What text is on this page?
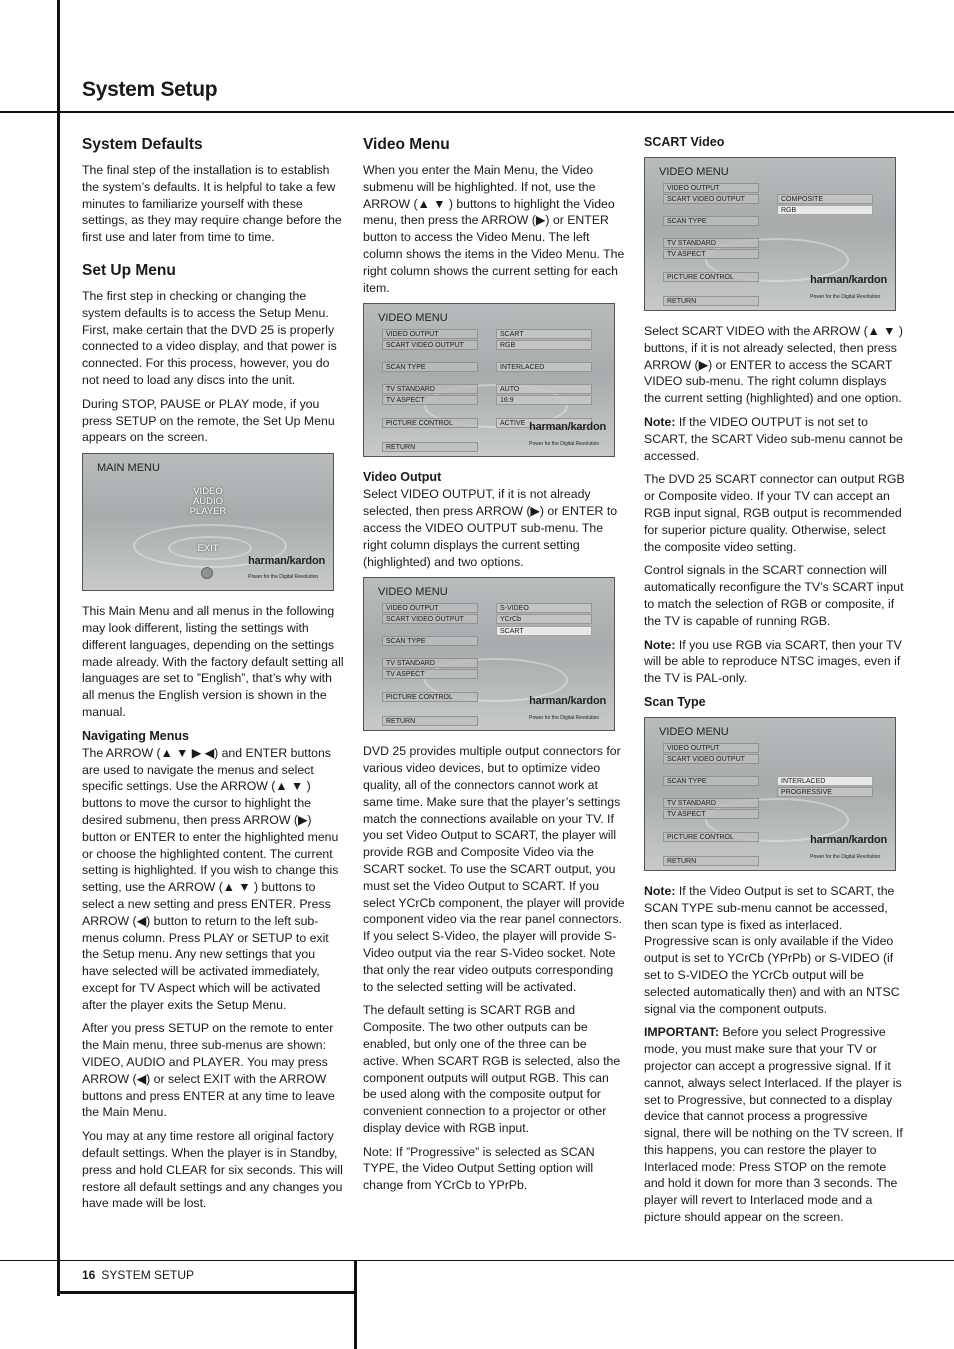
System Setup
System Defaults

The final step of the installation is to establish the system’s defaults. It is helpful to take a few minutes to familiarize yourself with these settings, as they may require change before the first use and later from time to time.

Set Up Menu

The first step in checking or changing the system defaults is to access the Setup Menu. First, make certain that the DVD 25 is properly connected to a video display, and that power is connected. For this process, however, you do not need to load any discs into the unit.

During STOP, PAUSE or PLAY mode, if you press SETUP on the remote, the Set Up Menu appears on the screen.

MAIN MENU
VIDEO
AUDIO
PLAYER
EXIT
harman/kardon
Power for the Digital Revolution

This Main Menu and all menus in the following may look different, listing the settings with different languages, depending on the settings made already. With the factory default setting all languages are set to ”English”, that’s why with all menus the English version is shown in the manual.

Navigating Menus

The ARROW (▲ ▼ ▶ ◀) and ENTER buttons are used to navigate the menus and select specific settings. Use the ARROW (▲ ▼ ) buttons to move the cursor to highlight the desired submenu, then press ARROW (▶) button or ENTER to enter the highlighted menu or choose the highlighted content. The current setting is highlighted. If you wish to change this setting, use the ARROW (▲ ▼ ) buttons to select a new setting and press ENTER. Press ARROW (◀) button to return to the left sub-menus column. Press PLAY or SETUP to exit the Setup menu. Any new settings that you have selected will be activated immediately, except for TV Aspect which will be activated after the player exits the Setup Menu.

After you press SETUP on the remote to enter the Main menu, three sub-menus are shown: VIDEO, AUDIO and PLAYER. You may press ARROW (◀) or select EXIT with the ARROW buttons and press ENTER at any time to leave the Main Menu.

You may at any time restore all original factory default settings. When the player is in Standby, press and hold CLEAR for six seconds. This will restore all default settings and any changes you have made will be lost.

Video Menu

When you enter the Main Menu, the Video submenu will be highlighted. If not, use the ARROW (▲ ▼ ) buttons to highlight the Video menu, then press the ARROW (▶) or ENTER button to access the Video Menu. The left column shows the items in the Video Menu. The right column shows the current setting for each item.

VIDEO MENU
VIDEO OUTPUT
SCART VIDEO OUTPUT
SCAN TYPE
TV STANDARD
TV ASPECT
PICTURE CONTROL
RETURN
SCART
RGB
INTERLACED
AUTO
16:9
ACTIVE harman/kardon
Power for the Digital Revolution
Video Output

Select VIDEO OUTPUT, if it is not already selected, then press ARROW (▶) or ENTER to access the VIDEO OUTPUT sub-menu. The right column displays the current setting (highlighted) and two options.

VIDEO MENU
VIDEO OUTPUT
SCART VIDEO OUTPUT
SCAN TYPE
TV STANDARD
TV ASPECT
PICTURE CONTROL
RETURN
S-VIDEO
YCrCb
SCART
harman/kardon
Power for the Digital Revolution

DVD 25 provides multiple output connectors for various video devices, but to optimize video quality, all of the connectors cannot work at same time. Make sure that the player’s settings match the connections available on your TV. If you set Video Output to SCART, the player will provide RGB and Composite Video via the SCART socket. To use the SCART output, you must set the Video Output to SCART. If you select YCrCb component, the player will provide component video via the rear panel connectors. If you select S-Video, the player will provide S-Video output via the rear S-Video socket. Note that only the rear video outputs corresponding to the selected setting will be activated.

The default setting is SCART RGB and Composite. The two other outputs can be enabled, but only one of the three can be active. When SCART RGB is selected, also the component outputs will output RGB. This can be used along with the composite output for convenient connection to a projector or other display device with RGB input.

Note: If ”Progressive” is selected as SCAN TYPE, the Video Output Setting option will change from YCrCb to YPrPb.

SCART Video
VIDEO MENU
VIDEO OUTPUT
SCART VIDEO OUTPUT
SCAN TYPE
TV STANDARD
TV ASPECT
PICTURE CONTROL
RETURN
COMPOSITE
RGB
harman/kardon
Power for the Digital Revolution

Select SCART VIDEO with the ARROW (▲ ▼ ) buttons, if it is not already selected, then press ARROW (▶) or ENTER to access the SCART VIDEO sub-menu. The right column displays the current setting (highlighted) and one option.

Note: If the VIDEO OUTPUT is not set to SCART, the SCART Video sub-menu cannot be accessed.

The DVD 25 SCART connector can output RGB or Composite video. If your TV can accept an RGB input signal, RGB output is recommended for superior picture quality. Otherwise, select the composite video setting.

Control signals in the SCART connection will automatically reconfigure the TV’s SCART input to match the selection of RGB or composite, if the TV is capable of running RGB.

Note: If you use RGB via SCART, then your TV will be able to reproduce NTSC images, even if the TV is PAL-only.

Scan Type
VIDEO MENU
VIDEO OUTPUT
SCART VIDEO OUTPUT
SCAN TYPE
TV STANDARD
TV ASPECT
PICTURE CONTROL
RETURN
INTERLACED
PROGRESSIVE
harman/kardon
Power for the Digital Revolution

Note: If the Video Output is set to SCART, the SCAN TYPE sub-menu cannot be accessed, then scan type is fixed as interlaced. Progressive scan is only available if the Video output is set to YCrCb (YPrPb) or S-VIDEO (if set to S-VIDEO the YCrCb output will be selected automatically then) and with an NTSC signal via the component outputs.

IMPORTANT: Before you select Progressive mode, you must make sure that your TV or projector can accept a progressive signal. If it cannot, always select Interlaced. If the player is set to Progressive, but connected to a display device that cannot process a progressive signal, there will be nothing on the TV screen. If this happens, you can restore the player to Interlaced mode: Press STOP on the remote and hold it down for more than 3 seconds. The player will revert to Interlaced mode and a picture should appear on the screen.

16 SYSTEM SETUP
